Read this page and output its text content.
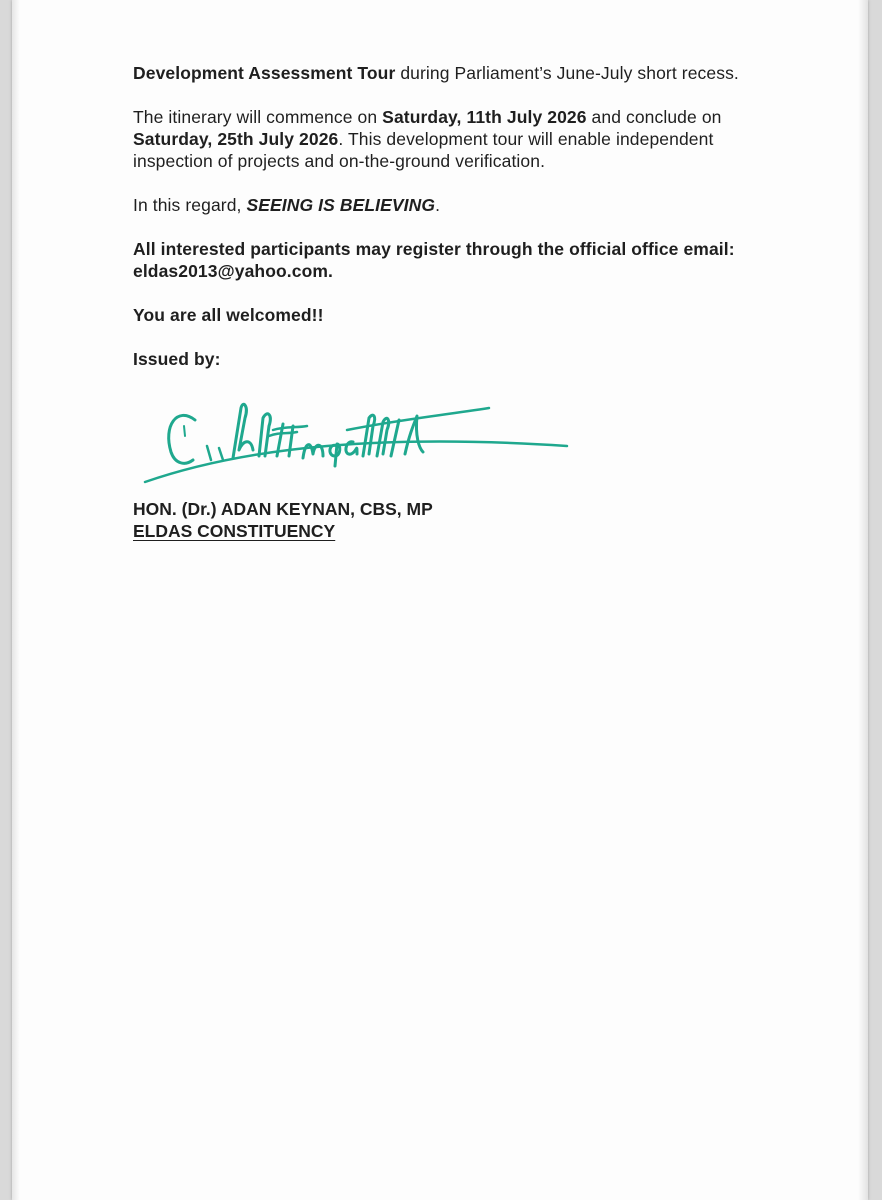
Development Assessment Tour during Parliament’s June-July short recess.

The itinerary will commence on Saturday, 11th July 2026 and conclude on Saturday, 25th July 2026. This development tour will enable independent inspection of projects and on-the-ground verification.

In this regard, SEEING IS BELIEVING.

All interested participants may register through the official office email: eldas2013@yahoo.com.

You are all welcomed!!

Issued by:

HON. (Dr.) ADAN KEYNAN, CBS, MP
ELDAS CONSTITUENCY
